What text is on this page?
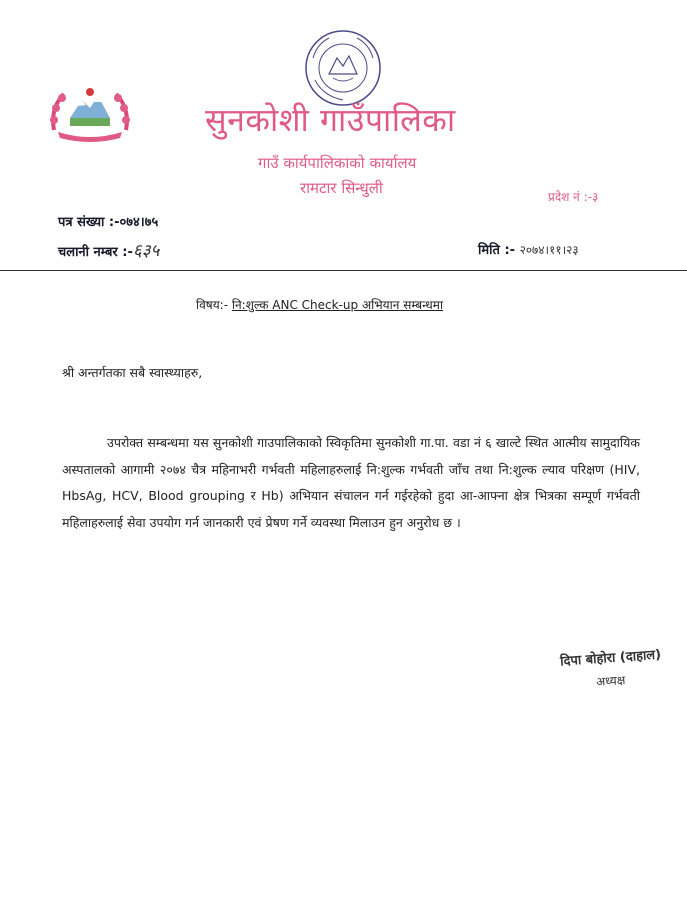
सुनकोशी गाउँपालिका
गाउँ कार्यपालिकाको कार्यालय
रामटार सिन्धुली	प्रदेश नं :-३
पत्र संख्या :-०७४।७५
चलानी नम्बर :-६३५	मिति :- २०७४।११।२३
विषय:- नि:शुल्क ANC Check-up अभियान सम्बन्धमा
श्री अन्तर्गतका सबै स्वास्थ्याहरु,
उपरोक्त सम्बन्धमा यस सुनकोशी गाउपालिकाको स्विकृतिमा सुनकोशी गा.पा. वडा नं ६ खाल्टे स्थित आत्मीय सामुदायिक अस्पतालको आगामी २०७४ चैत्र महिनाभरी गर्भवती महिलाहरुलाई नि:शुल्क गर्भवती जाँच तथा नि:शुल्क ल्याव परिक्षण (HIV, HbsAg, HCV, Blood grouping र Hb) अभियान संचालन गर्न गईरहेको हुदा आ-आफ्ना क्षेत्र भित्रका सम्पूर्ण गर्भवती महिलाहरुलाई सेवा उपयोग गर्न जानकारी एवं प्रेषण गर्ने व्यवस्था मिलाउन हुन अनुरोध छ ।
दिपा बोहोरा (दाहाल)
अध्यक्ष
